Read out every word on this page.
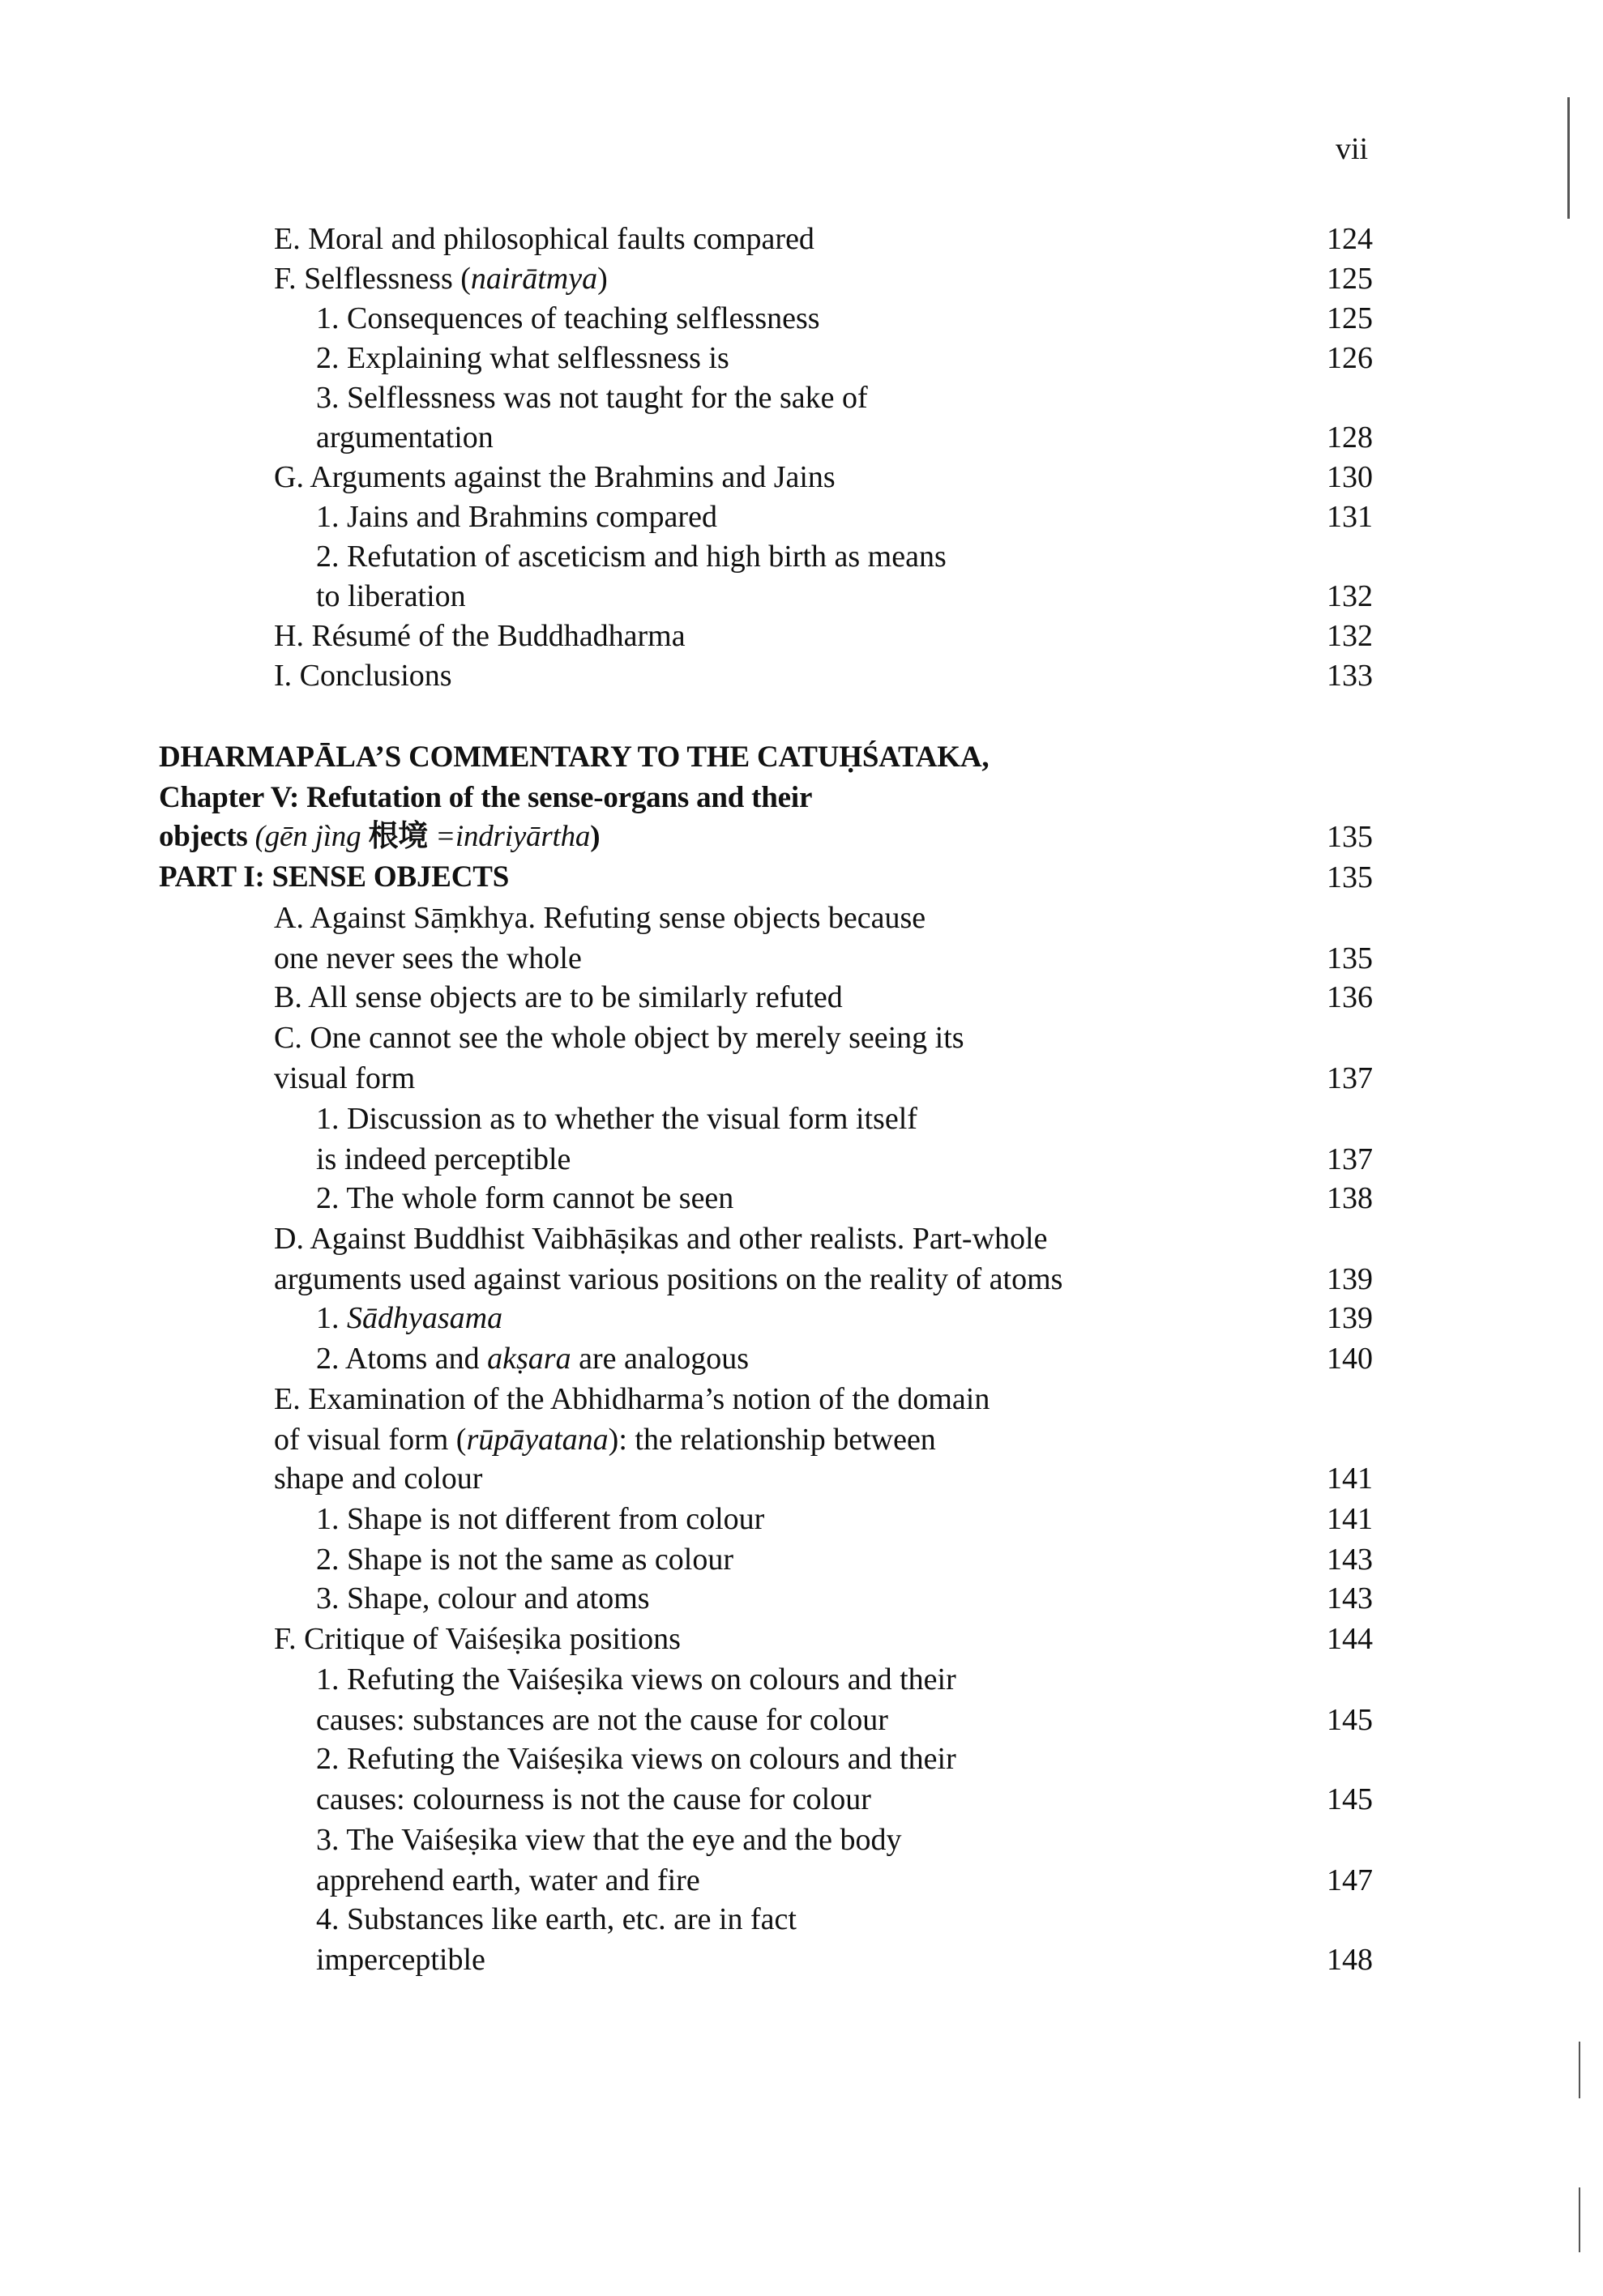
vii
E. Moral and philosophical faults compared	124
F. Selflessness (nairātmya)	125
1. Consequences of teaching selflessness	125
2. Explaining what selflessness is	126
3. Selflessness was not taught for the sake of
argumentation	128
G. Arguments against the Brahmins and Jains	130
1. Jains and Brahmins compared	131
2. Refutation of asceticism and high birth as means
to liberation	132
H. Résumé of the Buddhadharma	132
I. Conclusions	133
DHARMAPĀLA’S COMMENTARY TO THE CATUḤŚATAKA,
Chapter V: Refutation of the sense-organs and their
objects (gēn jìng 根境 =indriyārtha)	135
PART I: SENSE OBJECTS	135
A. Against Sāṃkhya. Refuting sense objects because
one never sees the whole	135
B. All sense objects are to be similarly refuted	136
C. One cannot see the whole object by merely seeing its
visual form	137
1. Discussion as to whether the visual form itself
is indeed perceptible	137
2. The whole form cannot be seen	138
D. Against Buddhist Vaibhāṣikas and other realists. Part-whole
arguments used against various positions on the reality of atoms	139
1. Sādhyasama	139
2. Atoms and akṣara are analogous	140
E. Examination of the Abhidharma’s notion of the domain
of visual form (rūpāyatana): the relationship between
shape and colour	141
1. Shape is not different from colour	141
2. Shape is not the same as colour	143
3. Shape, colour and atoms	143
F. Critique of Vaiśeṣika positions	144
1. Refuting the Vaiśeṣika views on colours and their
causes: substances are not the cause for colour	145
2. Refuting the Vaiśeṣika views on colours and their
causes: colourness is not the cause for colour	145
3. The Vaiśeṣika view that the eye and the body
apprehend earth, water and fire	147
4. Substances like earth, etc. are in fact
imperceptible	148
